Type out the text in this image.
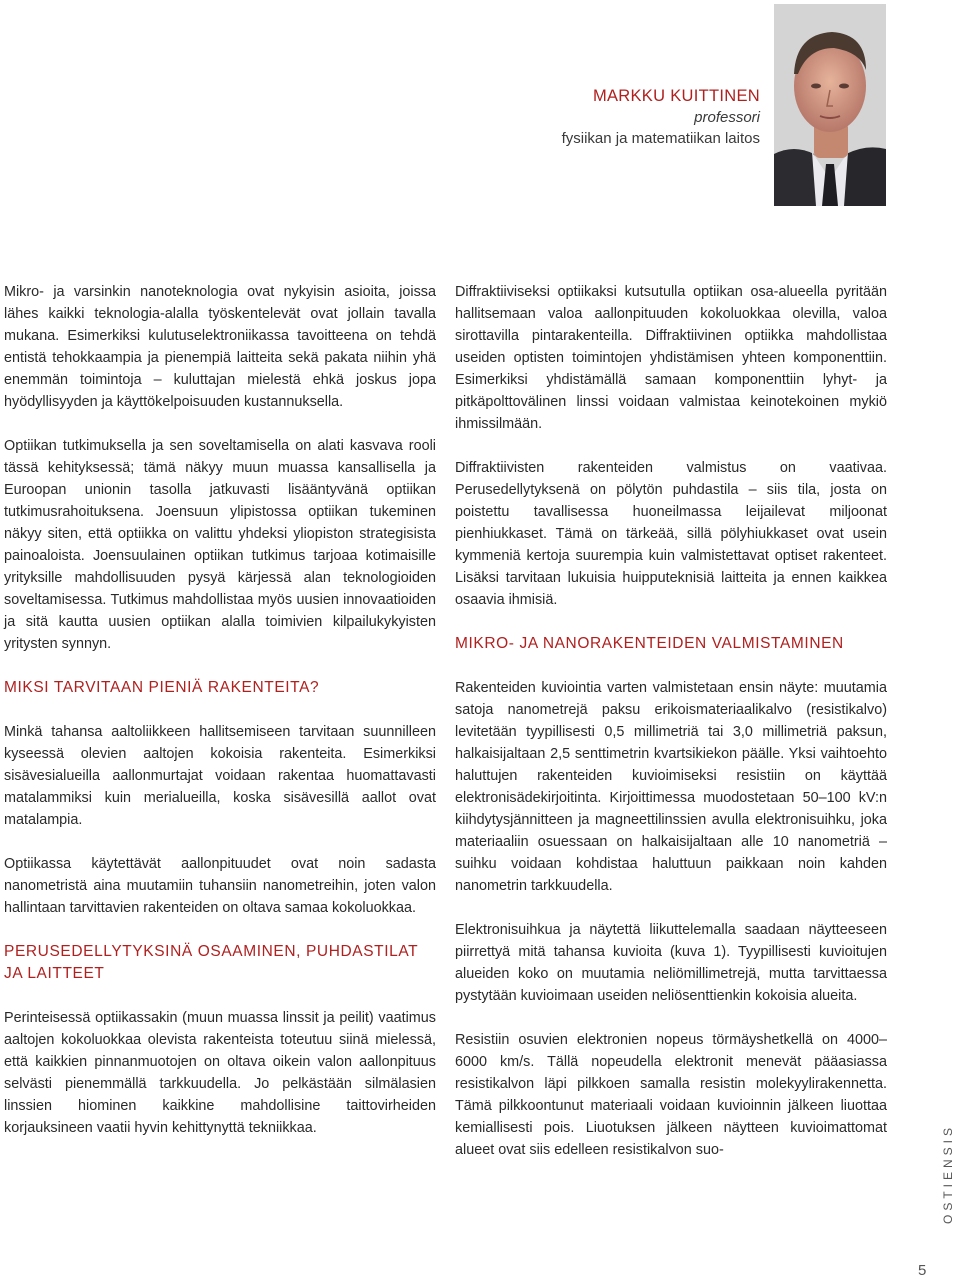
MARKKU KUITTINEN
professori
fysiikan ja matematiikan laitos

Mikro- ja varsinkin nanoteknologia ovat nykyisin asioita, joissa lähes kaikki teknologia-alalla työskentelevät ovat jollain tavalla mukana. Esimerkiksi kulutuselektroniikassa tavoitteena on tehdä entistä tehokkaampia ja pienempiä laitteita sekä pakata niihin yhä enemmän toimintoja – kuluttajan mielestä ehkä joskus jopa hyödyllisyyden ja käyttökelpoisuuden kustannuksella.

Optiikan tutkimuksella ja sen soveltamisella on alati kasvava rooli tässä kehityksessä; tämä näkyy muun muassa kansallisella ja Euroopan unionin tasolla jatkuvasti lisääntyvänä optiikan tutkimusrahoituksena. Joensuun ylipistossa optiikan tukeminen näkyy siten, että optiikka on valittu yhdeksi yliopiston strategisista painoaloista. Joensuulainen optiikan tutkimus tarjoaa kotimaisille yrityksille mahdollisuuden pysyä kärjessä alan teknologioiden soveltamisessa. Tutkimus mahdollistaa myös uusien innovaatioiden ja sitä kautta uusien optiikan alalla toimivien kilpailukykyisten yritysten synnyn.

MIKSI TARVITAAN PIENIÄ RAKENTEITA?

Minkä tahansa aaltoliikkeen hallitsemiseen tarvitaan suunnilleen kyseessä olevien aaltojen kokoisia rakenteita. Esimerkiksi sisävesialueilla aallonmurtajat voidaan rakentaa huomattavasti matalammiksi kuin merialueilla, koska sisävesillä aallot ovat matalampia.

Optiikassa käytettävät aallonpituudet ovat noin sadasta nanometristä aina muutamiin tuhansiin nanometreihin, joten valon hallintaan tarvittavien rakenteiden on oltava samaa kokoluokkaa.

PERUSEDELLYTYKSINÄ OSAAMINEN, PUHDASTILAT JA LAITTEET

Perinteisessä optiikassakin (muun muassa linssit ja peilit) vaatimus aaltojen kokoluokkaa olevista rakenteista toteutuu siinä mielessä, että kaikkien pinnanmuotojen on oltava oikein valon aallonpituus selvästi pienemmällä tarkkuudella. Jo pelkästään silmälasien linssien hiominen kaikkine mahdollisine taittovirheiden korjauksineen vaatii hyvin kehittynyttä tekniikkaa.

Diffraktiiviseksi optiikaksi kutsutulla optiikan osa-alueella pyritään hallitsemaan valoa aallonpituuden kokoluokkaa olevilla, valoa sirottavilla pintarakenteilla. Diffraktiivinen optiikka mahdollistaa useiden optisten toimintojen yhdistämisen yhteen komponenttiin. Esimerkiksi yhdistämällä samaan komponenttiin lyhyt- ja pitkäpolttovälinen linssi voidaan valmistaa keinotekoinen mykiö ihmissilmään.

Diffraktiivisten rakenteiden valmistus on vaativaa. Perusedellytyksenä on pölytön puhdastila – siis tila, josta on poistettu tavallisessa huoneilmassa leijailevat miljoonat pienhiukkaset. Tämä on tärkeää, sillä pölyhiukkaset ovat usein kymmeniä kertoja suurempia kuin valmistettavat optiset rakenteet. Lisäksi tarvitaan lukuisia huipputeknisiä laitteita ja ennen kaikkea osaavia ihmisiä.

MIKRO- JA NANORAKENTEIDEN VALMISTAMINEN

Rakenteiden kuviointia varten valmistetaan ensin näyte: muutamia satoja nanometrejä paksu erikoismateriaalikalvo (resistikalvo) levitetään tyypillisesti 0,5 millimetriä tai 3,0 millimetriä paksun, halkaisijaltaan 2,5 senttimetrin kvartsikiekon päälle. Yksi vaihtoehto haluttujen rakenteiden kuvioimiseksi resistiin on käyttää elektronisädekirjoitinta. Kirjoittimessa muodostetaan 50–100 kV:n kiihdytysjännitteen ja magneettilinssien avulla elektronisuihku, joka materiaaliin osuessaan on halkaisijaltaan alle 10 nanometriä – suihku voidaan kohdistaa haluttuun paikkaan noin kahden nanometrin tarkkuudella.

Elektronisuihkua ja näytettä liikuttelemalla saadaan näytteeseen piirrettyä mitä tahansa kuvioita (kuva 1). Tyypillisesti kuvioitujen alueiden koko on muutamia neliömillimetrejä, mutta tarvittaessa pystytään kuvioimaan useiden neliösenttienkin kokoisia alueita.

Resistiin osuvien elektronien nopeus törmäyshetkellä on 4000–6000 km/s. Tällä nopeudella elektronit menevät pääasiassa resistikalvon läpi pilkkoen samalla resistin molekyylirakennetta. Tämä pilkkoontunut materiaali voidaan kuvioinnin jälkeen liuottaa kemiallisesti pois. Liuotuksen jälkeen näytteen kuvioimattomat alueet ovat siis edelleen resistikalvon suo-	OSTIENSIS
5
